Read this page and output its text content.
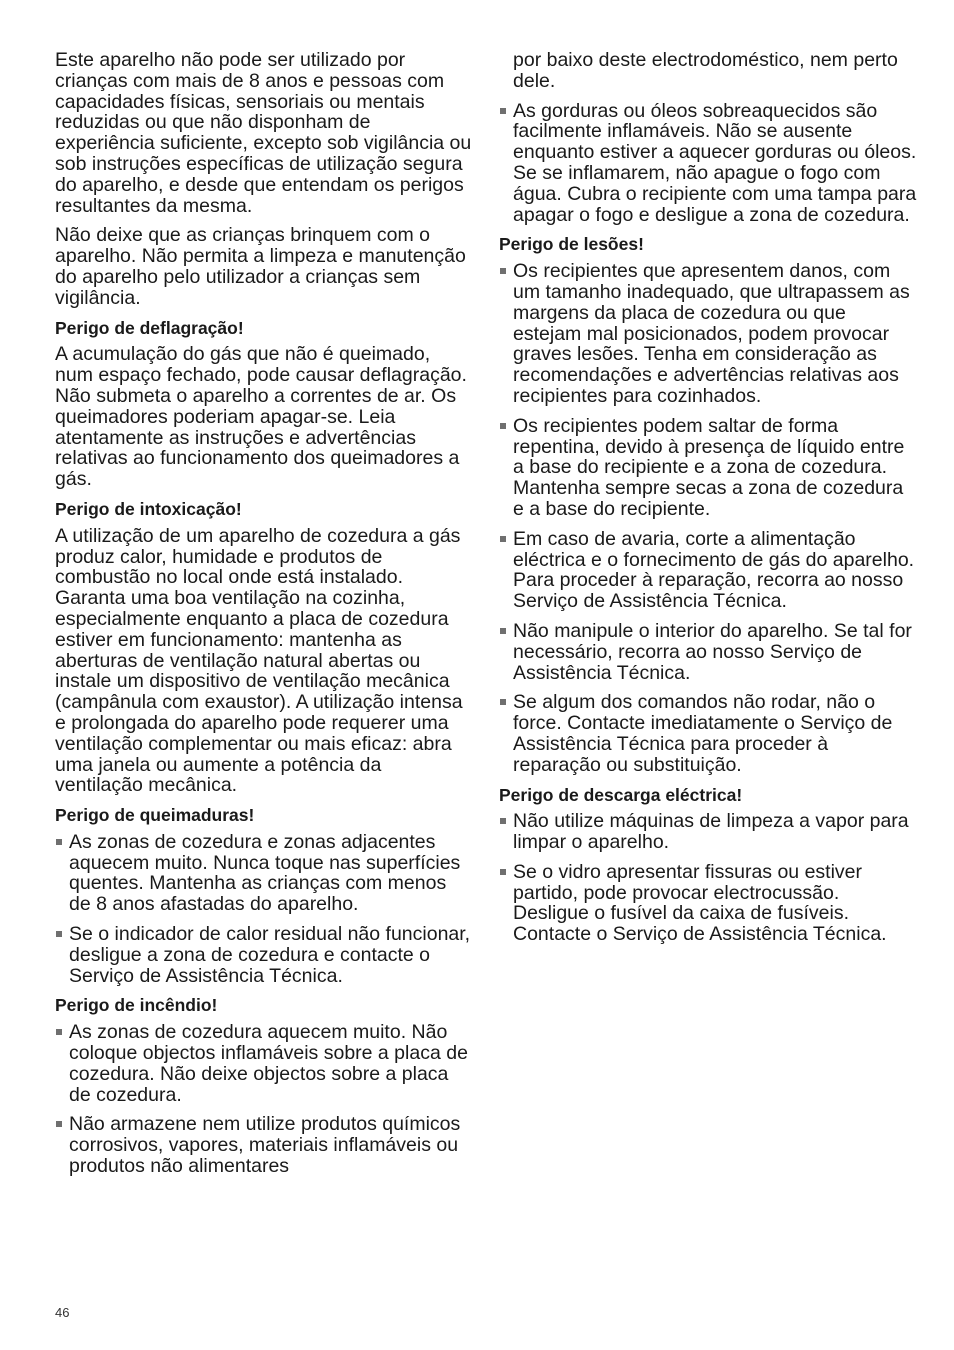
Este aparelho não pode ser utilizado por crianças com mais de 8 anos e pessoas com capacidades físicas, sensoriais ou mentais reduzidas ou que não disponham de experiência suficiente, excepto sob vigilância ou sob instruções específicas de utilização segura do aparelho, e desde que entendam os perigos resultantes da mesma.

Não deixe que as crianças brinquem com o aparelho. Não permita a limpeza e manutenção do aparelho pelo utilizador a crianças sem vigilância.

Perigo de deflagração!

A acumulação do gás que não é queimado, num espaço fechado, pode causar deflagração. Não submeta o aparelho a correntes de ar. Os queimadores poderiam apagar-se. Leia atentamente as instruções e advertências relativas ao funcionamento dos queimadores a gás.

Perigo de intoxicação!

A utilização de um aparelho de cozedura a gás produz calor, humidade e produtos de combustão no local onde está instalado. Garanta uma boa ventilação na cozinha, especialmente enquanto a placa de cozedura estiver em funcionamento: mantenha as aberturas de ventilação natural abertas ou instale um dispositivo de ventilação mecânica (campânula com exaustor). A utilização intensa e prolongada do aparelho pode requerer uma ventilação complementar ou mais eficaz: abra uma janela ou aumente a potência da ventilação mecânica.

Perigo de queimaduras!
As zonas de cozedura e zonas adjacentes aquecem muito. Nunca toque nas superfícies quentes. Mantenha as crianças com menos de 8 anos afastadas do aparelho.
Se o indicador de calor residual não funcionar, desligue a zona de cozedura e contacte o Serviço de Assistência Técnica.
Perigo de incêndio!
As zonas de cozedura aquecem muito. Não coloque objectos inflamáveis sobre a placa de cozedura. Não deixe objectos sobre a placa de cozedura.
Não armazene nem utilize produtos químicos corrosivos, vapores, materiais inflamáveis ou produtos não alimentares
por baixo deste electrodoméstico, nem perto dele.
As gorduras ou óleos sobreaquecidos são facilmente inflamáveis. Não se ausente enquanto estiver a aquecer gorduras ou óleos. Se se inflamarem, não apague o fogo com água. Cubra o recipiente com uma tampa para apagar o fogo e desligue a zona de cozedura.
Perigo de lesões!
Os recipientes que apresentem danos, com um tamanho inadequado, que ultrapassem as margens da placa de cozedura ou que estejam mal posicionados, podem provocar graves lesões. Tenha em consideração as recomendações e advertências relativas aos recipientes para cozinhados.
Os recipientes podem saltar de forma repentina, devido à presença de líquido entre a base do recipiente e a zona de cozedura. Mantenha sempre secas a zona de cozedura e a base do recipiente.
Em caso de avaria, corte a alimentação eléctrica e o fornecimento de gás do aparelho. Para proceder à reparação, recorra ao nosso Serviço de Assistência Técnica.
Não manipule o interior do aparelho. Se tal for necessário, recorra ao nosso Serviço de Assistência Técnica.
Se algum dos comandos não rodar, não o force. Contacte imediatamente o Serviço de Assistência Técnica para proceder à reparação ou substituição.
Perigo de descarga eléctrica!
Não utilize máquinas de limpeza a vapor para limpar o aparelho.
Se o vidro apresentar fissuras ou estiver partido, pode provocar electrocussão. Desligue o fusível da caixa de fusíveis. Contacte o Serviço de Assistência Técnica.
46
